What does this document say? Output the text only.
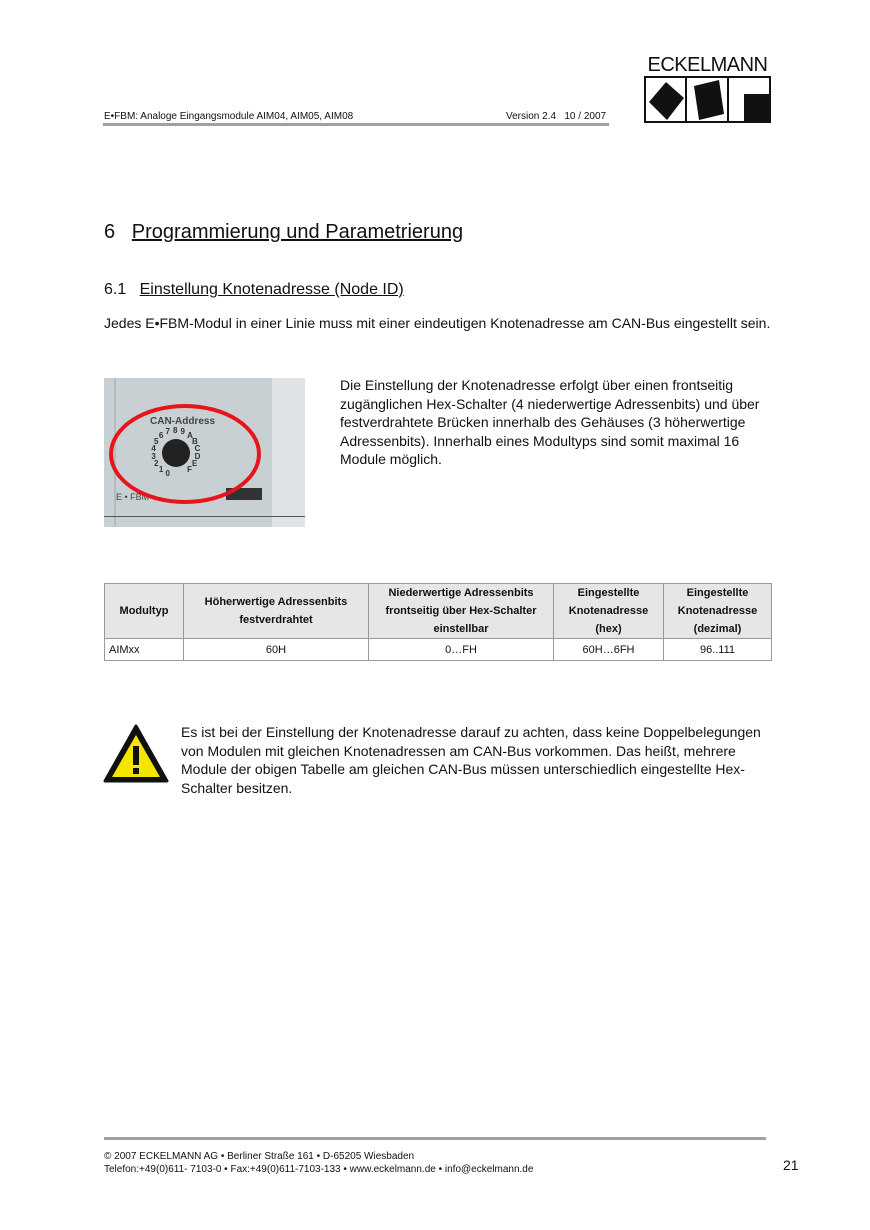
E•FBM: Analoge Eingangsmodule AIM04, AIM05, AIM08	Version 2.4   10 / 2007
ECKELMANN
6 Programmierung und Parametrierung
6.1 Einstellung Knotenadresse (Node ID)
Jedes E•FBM-Modul in einer Linie muss mit einer eindeutigen Knotenadresse am CAN-Bus eingestellt sein.
CAN-Address
0
1
2
3
4
5
6 7 8 9 A
B
C
D
E
F
E • FBM
Die Einstellung der Knotenadresse erfolgt über einen frontseitig zugänglichen Hex-Schalter (4 niederwertige Adressenbits) und über festverdrahtete Brücken innerhalb des Gehäuses (3 höherwertige Adressenbits). Innerhalb eines Modultyps sind somit maximal 16 Module möglich.
Modultyp	Höherwertige Adressenbits festverdrahtet	Niederwertige Adressenbits frontseitig über Hex-Schalter einstellbar	Eingestellte Knotenadresse (hex)	Eingestellte Knotenadresse (dezimal)
AIMxx	60H	0…FH	60H…6FH	96..111
Es ist bei der Einstellung der Knotenadresse darauf zu achten, dass keine Doppelbelegungen von Modulen mit gleichen Knotenadressen am CAN-Bus vorkommen. Das heißt, mehrere Module der obigen Tabelle am gleichen CAN-Bus müssen unterschiedlich eingestellte Hex-Schalter besitzen.
© 2007 ECKELMANN AG • Berliner Straße 161 • D-65205 Wiesbaden
Telefon:+49(0)611- 7103-0 • Fax:+49(0)611-7103-133 • www.eckelmann.de • info@eckelmann.de	21
